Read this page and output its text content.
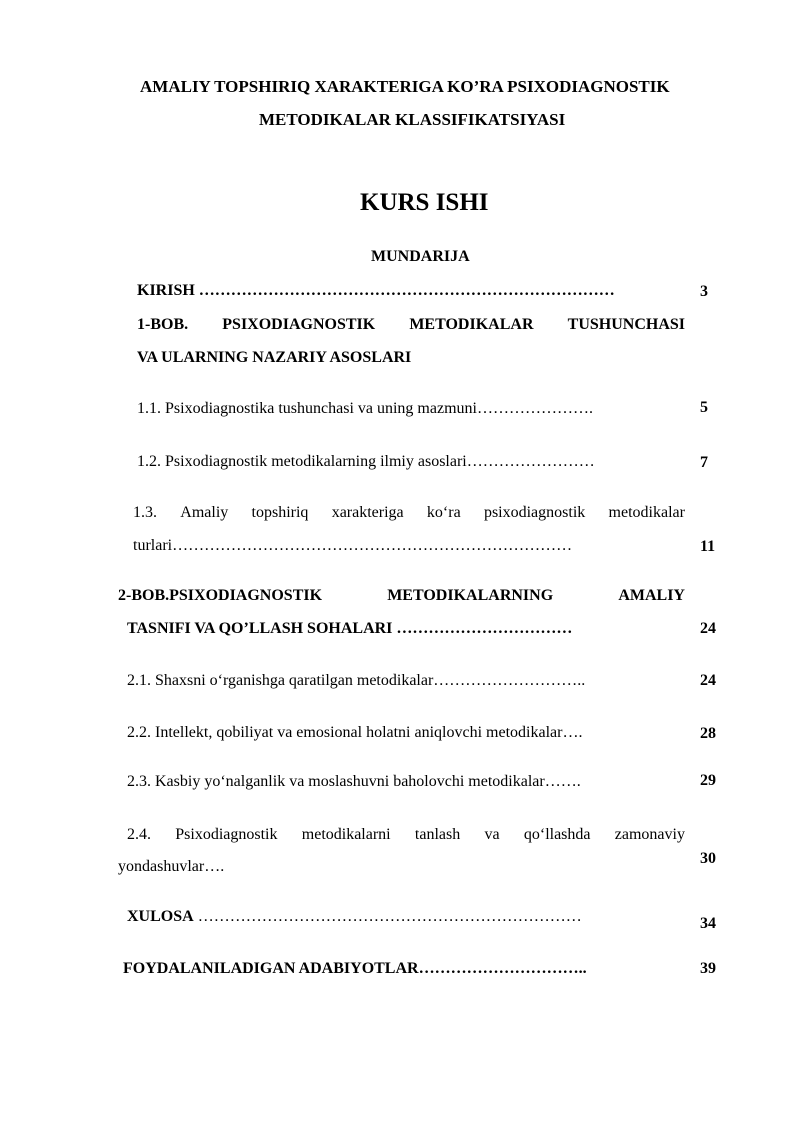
AMALIY TOPSHIRIQ XARAKTERIGA KO’RA PSIXODIAGNOSTIK
METODIKALAR KLASSIFIKATSIYASI
KURS ISHI
MUNDARIJA
KIRISH ……………………………………………………………………	3
1-BOB. PSIXODIAGNOSTIK METODIKALAR TUSHUNCHASI
VA ULARNING NAZARIY ASOSLARI
1.1. Psixodiagnostika tushunchasi va uning mazmuni………………….	5
1.2. Psixodiagnostik metodikalarning ilmiy asoslari……………………	7
1.3. Amaliy topshiriq xarakteriga ko‘ra psixodiagnostik metodikalar
turlari…………………………………………………………………	11
2-BOB.PSIXODIAGNOSTIK	METODIKALARNING	AMALIY
TASNIFI VA QO’LLASH SOHALARI ……………………………	24
2.1. Shaxsni o‘rganishga qaratilgan metodikalar………………………..	24
2.2. Intellekt, qobiliyat va emosional holatni aniqlovchi metodikalar….	28
2.3. Kasbiy yo‘nalganlik va moslashuvni baholovchi metodikalar…….	29
2.4. Psixodiagnostik metodikalarni tanlash va qo‘llashda zamonaviy
yondashuvlar….	30
XULOSA ………………………………………………………………	34
FOYDALANILADIGAN ADABIYOTLAR…………………………..	39
